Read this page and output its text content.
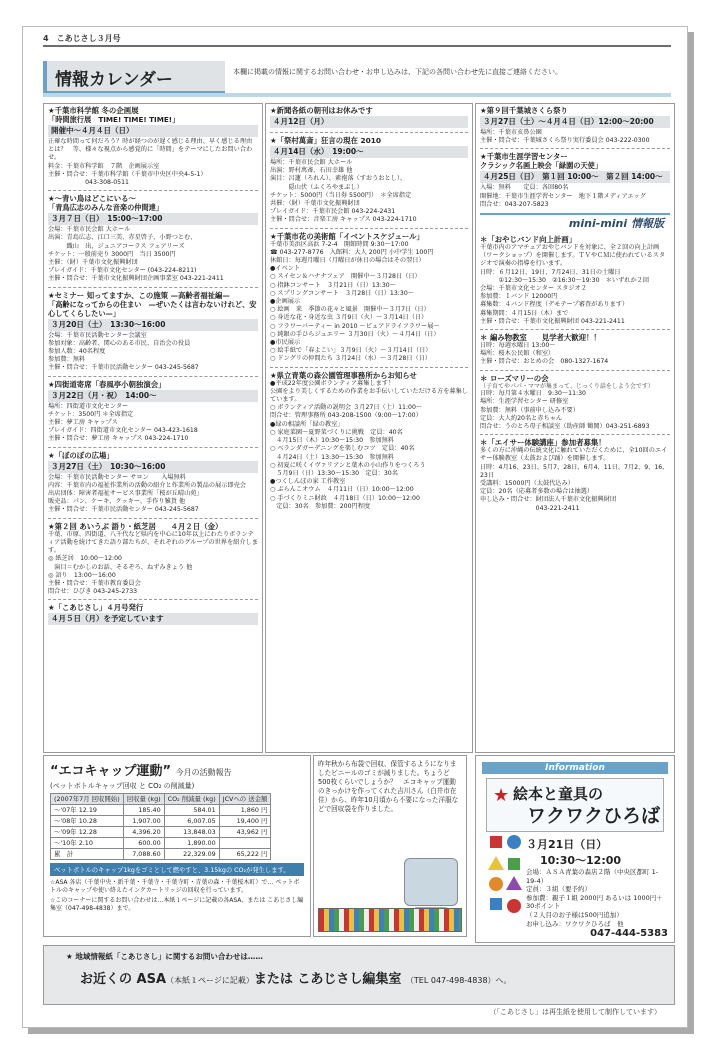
4　こあじさし３月号
情報カレンダー	本欄に掲載の情報に関するお問い合わせ・お申し込みは、下記の各問い合わせ先に直接ご連絡ください。
★千葉市科学館 冬の企画展
「時間旅行展　TIME! TIME! TIME!」
開催中～４月４日（日）

正確な時間って何だろう？時が経つのが遅く感じる理由、早く感じる理由とは？　等、様々な視点から感覚的に「時間」をテーマにしたお問い合わせ。
料金：千葉市科学館　７階　企画展示室
主催・問合せ：千葉市科学館（千葉市中央区中央4-5-1）
　　　　　　043-308-0511

★～青い鳥はどこにいる～
「青鳥広志のみんな音楽の仲間達」
３月７日（日）　15:00～17:00

会場：千葉市民会館 大ホール
出演：青島広志、江口三美、赤星啓子、小野つとむ、
　　　織山　出、ジュニアコーラス フェアリーズ
チケット：一般前売り 3000円　当日 3500円
主催：（財）千葉市文化振興財団
プレイガイド：千葉市文化センター (043-224-8211)
主催・問合せ：千葉市文化振興財団企画事業室 043-221-2411

★セミナー 知ってますか、この施策 —高齢者福祉編—
「高齢になってからの住まい　—ぜいたくは言わないけれど、安心してくらしたい—」
３月20日（土）　13:30～16:00

会場：千葉市民活動センター会議室
参加対象：高齢者、関心のある市民、自治会の役員
参加人数：40名程度
参加費：無料
主催・問合せ：千葉市民活動センター 043-245-5687

★四街道寄席「春風亭小朝独演会」
３月22日（月・祝）　14:00～

場所：四街道市文化センター
チケット：3500円 ＊全席指定
主催：夢工房 キャップス
プレイガイド：四街道市文化センター 043-423-1618
主催・問合せ：夢工房 キャップス 043-224-1710

★「ぼのぼの広場」
３月27日（土）　10:30～16:00

会場：千葉市民活動センター サロン　　入場無料
内容：千葉市内の福祉作業所の活動の紹介と作業所の製品の展示即売会
出店団体：障害者福祉サービス事業所「桜が丘晴山苑」
販売品：パン、ケーキ、クッキー、手作り雑貨 他
主催・問合せ：千葉市民活動センター 043-245-5687

★第２回 あいうぶ 語り・紙芝居　　４月２日（金）

千葉、市原、四街道、八千代など県内を中心に10年以上にわたりボランティア活動を続けてきた語り部たちが、それぞれのグループの世界を紹介します。
◎ 紙芝居　10:00～12:00
　演目＝むかしのお話、そるぞろ、ねずみきょう 他
◎ 語り　13:00～16:00
主催・問合せ：千葉市教育委員会
問合せ：ひびき 043-245-2733

★「こあじさし」４月号発行
４月５日（月）を予定しています
★新聞各紙の朝刊はお休みです
４月12日（月）
★「祭村萬斎」狂言の現在 2010
４月14日（水）　19:00～

場所：千葉市民会館 大ホール
出演：野村萬斎、石田幸雄 他
演目：呂蓮（ろれん）、素袍落（すおうおとし）、
　　　隠山伏（ふくろやまぶし）
チケット：5000円（当日券 5500円）　＊全席指定
共催：（財）千葉市文化振興財団
プレイガイド：千葉市民会館 043-224-2431
主催・問合せ：音楽工房 キャップス 043-224-1710

★千葉市花の美術館「イベントスケジュール」

千葉市美浜区高浜 7-2-4　開館時間 9:30～17:00
☎ 043-277-8776　入館料：大人 200円 小中学生 100円
休館日：毎週月曜日（月曜日が休日の場合はその翌日）
●イベント
○ スイセン＆ハナナフェア　開催中～３月28日（日）
○ 指鉢コンサート　３月21日（日）13:30～
○ スプリングコンサート　３月28日（日）13:30～
●企画展示
○ 絵画　来　季節の花々と風景　開催中～３月7日（日）
○ 身近な花・身近な虫 ３月9日（火）～３月14日（日）
○ フラワーパーティー in 2010 ～ピュアドライフラワー展～
○ 純銀の手ひらジュエリー ３月30日（火）～４月4日（日）
●市民展示
○ 絵手紙で「春よこい」３月9日（火）～３月14日（日）
○ ドングリの仲間たち ３月24日（水）～３月28日（日）

★県立青葉の森公園管理事務所からお知らせ

●平成22年度公園ボランティア募集します！
公園をより美しくするための作業をお手伝いしていただける方を募集しています。
○ ボランティア活動の説明会 ３月27日（土）11:00～
問合せ：管理事務所 043-208-1500（9:00～17:00）
●緑の相談所「緑の教室」
○ 家庭菜園～夏野菜づくりに挑戦　定員：40名
　４月15日（木）10:30～15:30　参加無料
○ ベランダガーデニングを楽しむコツ　定員：40名
　４月24日（土）13:30～15:30　参加無料
○ 初夏に咲くイヴァリアンと葉木の小山作りをつくろう
　５月9日（日）13:30～15:30　定員：30名
●つくしんぼの家 工作教室
○ ぶらんこオウム　４月11日（日）10:00～12:00
○ 手づくりミニ財政　４月18日（日）10:00～12:00
　定員：30名　参加費：200円程度

★第９回千葉城さくら祭り
３月27日（土）～４月４日（日）12:00～20:00

場所：千葉市亥鼻公園
主催・問合せ：千葉城さくら祭り実行委員会 043-222-0300

★千葉市生涯学習センター
クラシック名画上映会「緑園の天使」
４月25日（日）　第１回 10:00～　第２回 14:00～

入場：無料　　定員：各回80名
開催地：千葉市生涯学習センター　地下１階メディアエッグ
問合せ：043-207-5823

mini-mini 情報版
＊「おやじバンド向上計画」

千葉市内のアマチュアおやじバンドを対象に、全２回の向上計画（ワークショップ）を開催します。ＴＶやＣＭに使われているスタジオで演奏の指導を行います。
日時：６月12日、19日、7月24日、31日の土曜日
　　　①12:30～15:30　②16:30～19:30　＊いずれか２回
会場：千葉市文化センター スタジオ２
参加費：１バンド 12000円
募集数：４バンド程度（デモテープ審査があります）
募集期間：４月15日（木）まで
主催・問合せ：千葉市文化振興財団 043-221-2411

＊ 編み物教室　　見学者大歓迎！！

日時：毎週水曜日 13:00～
場所：桜木公民館（和室）
主催・問合せ：おとめの会　080-1327-1674

＊ ローズマリーの会
（子育てやパパ・ママが集まって、じっくり話をしよう会です）

日時：毎月第４水曜日　9:30～11:30
場所：生涯学習センター 研修室
参加費：無料（事前申し込み不要）
定員：大人約20名と赤ちゃん
問合せ：うのとろ母子相談室（助産師 鶴岡）043-251-6893

＊「エイサー体験講座」参加者募集！

多くの方に沖縄の伝統文化に触れていただくために、全10回のエイサー体験教室（太鼓および踊）を開催します。
日時：4月16、23日、5月7、28日、6月4、11日、7月2、9、16、23日
受講料：15000円（太鼓代込み）
定員：20名（応募者多数の場合は抽選）
申し込み・問合せ：財団法人千葉市文化振興財団
　　　　　　　　　043-221-2411

“エコキャップ運動” 今月の活動報告
(ペットボトルキャップ回収 と CO₂ の削減量)
(2007年7月 回収開始)	回収量 (kg)	CO₂ 削減量 (kg)	JCVへの 送金額
～'07年 12.19	185.40	584.01	1,860 円
～'08年 10.28	1,907.00	6,007.05	19,400 円
～'09年 12.28	4,396.20	13,848.03	43,962 円
～'10年 2.10	600.00	1,890.00	
累　計	7,088.60	22,329.09	65,222 円
ペットボトルのキャップ1kgをゴミとして燃やすと、3.15kgの CO₂が発生します。

☆ASA 各店（千葉中央・新千葉・千葉寺・千葉寺町・青葉の森・千葉桜木町）で… ペットボトルのキャップや使い終えたインクカートリッジの回収を行っています。

☆このコーナーに関するお問い合わせは…本紙１ページに記載の各ASA、または こあじさし編集室（047-498-4838）まで。

昨年秋から布袋で回収、保管するようになりましたビニールのゴミが減りました。ちょうど500枚くらいでしょうか？　エコキャップ運動のきっかけを作ってくれた吉川さん（白井市在住）から、昨年10月頃から不要になった洋服などで回収袋を作りました。

Information
★ 絵本と童具の
ワクワクひろば
３月21日（日）
10:30～12:00

会場：ＡＳＡ青葉の森店２階（中央区都町 1-19-4）
定員：３組（要予約）
参加費：親子１組 2000円 あるいは 1000円＋30ポイント
（２人目のお子様は500円追加）
お申し込み：ワクワクひろば　他

047-444-5383
★ 地域情報紙「こあじさし」に関するお問い合わせは……
お近くの ASA（本紙１ページに記載）または こあじさし編集室 （TEL 047-498-4838）へ。
（「こあじさし」は再生紙を使用して制作しています）
